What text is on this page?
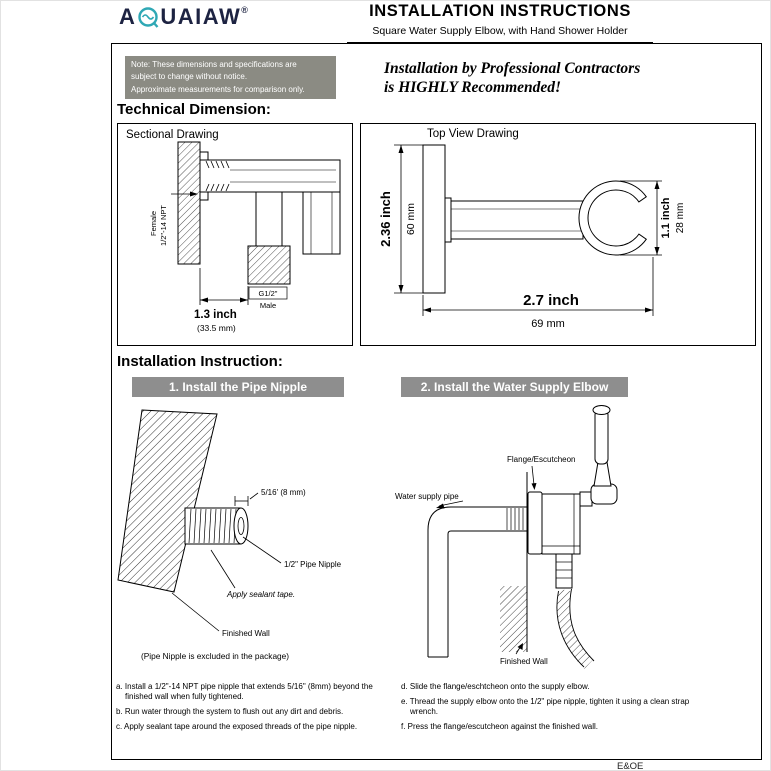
A UAIAW ®	INSTALLATION INSTRUCTIONS
Square Water Supply Elbow, with Hand Shower Holder
Note: These dimensions and specifications are
subject to change without notice.
Approximate measurements for comparison only.
Installation by Professional Contractors
is HIGHLY Recommended!
Technical Dimension:
Female 1/2"-14 NPT
G1/2"
Male
1.3 inch
(33.5 mm)
Sectional Drawing
2.36 inch 60 mm	1.1 inch 28 mm
2.7 inch
69 mm
Top View Drawing
Installation Instruction:
1. Install the Pipe Nipple	2. Install the Water Supply Elbow
5/16' (8 mm)
1/2" Pipe Nipple
Apply sealant tape.
Finished Wall
(Pipe Nipple is excluded in the package)
Water supply pipe
Flange/Escutcheon
Finished Wall
a. Install a 1/2"-14 NPT pipe nipple that extends 5/16" (8mm) beyond the finished wall when fully tightened.
b. Run water through the system to flush out any dirt and debris.
c. Apply sealant tape around the exposed threads of the pipe nipple.
d. Slide the flange/eschtcheon onto the supply elbow.
e. Thread the supply elbow onto the 1/2" pipe nipple, tighten it using a clean strap wrench.
f. Press the flange/escutcheon against the finished wall.
E&OE
